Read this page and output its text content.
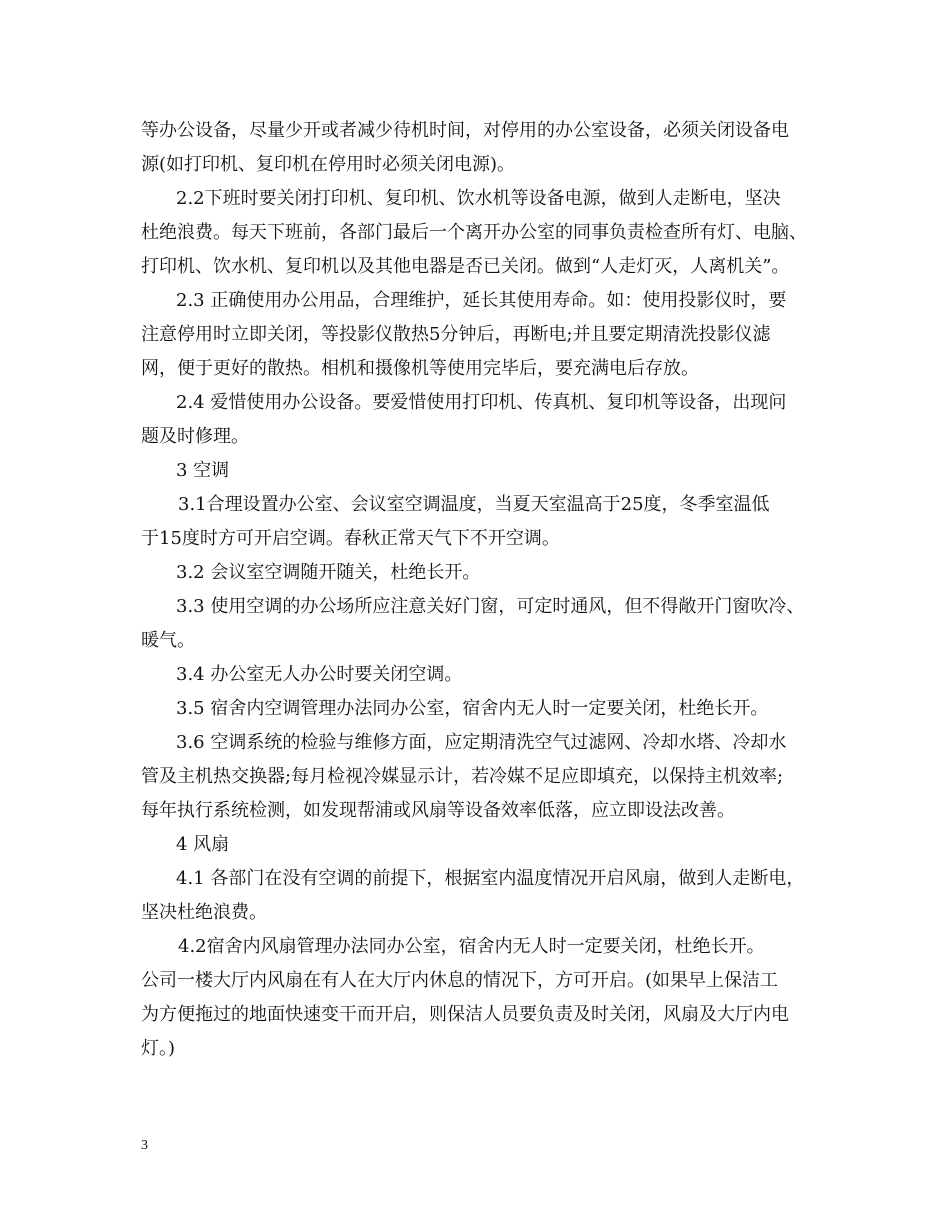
等办公设备，尽量少开或者减少待机时间，对停用的办公室设备，必须关闭设备电
源(如打印机、复印机在停用时必须关闭电源)。
2.2下班时要关闭打印机、复印机、饮水机等设备电源，做到人走断电，坚决
杜绝浪费。每天下班前，各部门最后一个离开办公室的同事负责检查所有灯、电脑、
打印机、饮水机、复印机以及其他电器是否已关闭。做到“人走灯灭，人离机关”。
2.3 正确使用办公用品，合理维护，延长其使用寿命。如：使用投影仪时，要
注意停用时立即关闭，等投影仪散热5分钟后，再断电;并且要定期清洗投影仪滤
网，便于更好的散热。相机和摄像机等使用完毕后，要充满电后存放。
2.4 爱惜使用办公设备。要爱惜使用打印机、传真机、复印机等设备，出现问
题及时修理。
3 空调
3.1合理设置办公室、会议室空调温度，当夏天室温高于25度，冬季室温低
于15度时方可开启空调。春秋正常天气下不开空调。
3.2 会议室空调随开随关，杜绝长开。
3.3 使用空调的办公场所应注意关好门窗，可定时通风，但不得敞开门窗吹冷、
暖气。
3.4 办公室无人办公时要关闭空调。
3.5 宿舍内空调管理办法同办公室，宿舍内无人时一定要关闭，杜绝长开。
3.6 空调系统的检验与维修方面，应定期清洗空气过滤网、冷却水塔、冷却水
管及主机热交换器;每月检视冷媒显示计，若冷媒不足应即填充，以保持主机效率;
每年执行系统检测，如发现帮浦或风扇等设备效率低落，应立即设法改善。
4 风扇
4.1 各部门在没有空调的前提下，根据室内温度情况开启风扇，做到人走断电，
坚决杜绝浪费。
4.2宿舍内风扇管理办法同办公室，宿舍内无人时一定要关闭，杜绝长开。
公司一楼大厅内风扇在有人在大厅内休息的情况下，方可开启。(如果早上保洁工
为方便拖过的地面快速变干而开启，则保洁人员要负责及时关闭，风扇及大厅内电
灯。)
3
